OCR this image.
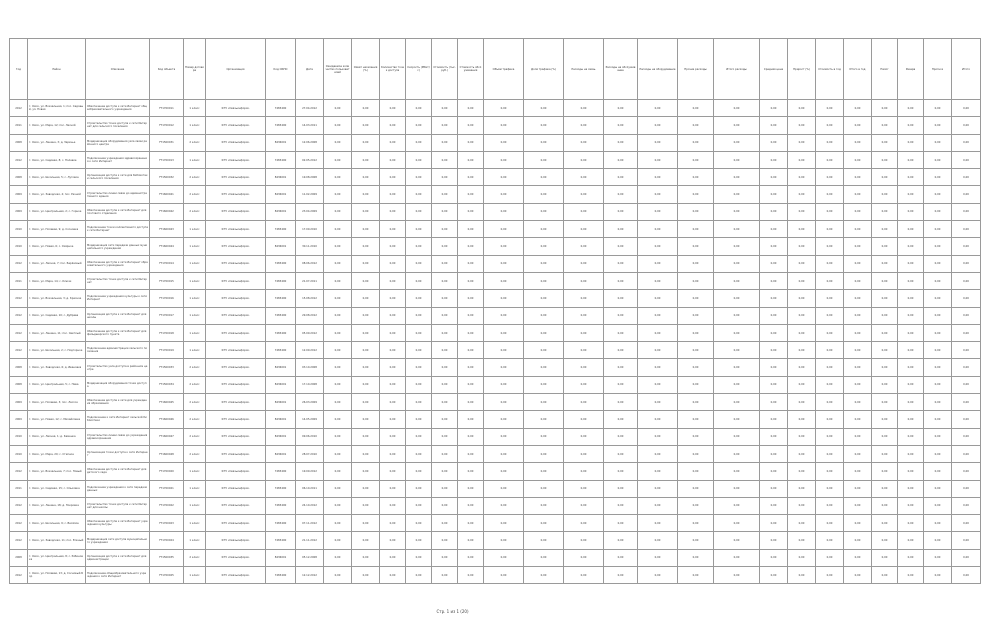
Год	Район	Описание	Код объекта	Номер договора	Организация	Код ОКПО	Дата	Ожидаемое количество пользователей	Охват населения (%)	Количество точек доступа	Скорость (Мбит/с)	Стоимость (тыс. руб.)	Стоимость обслуживания	Объём трафика	Доля трафика (%)	Расходы на связь	Расходы на обслуживание	Расходы на оборудование	Прочие расходы	Итого расходы	Средняя цена	Прирост (%)	Стоимость в год	Итого в год	Налог	Резерв	Прогноз	Итого
2012	г. Омск, ул. Вокзальная, 1; пос. Садовый, ул. Новая	Обеспечение доступа к сети Интернет общеобразовательного учреждения	FT1700011	1 класс	ФГУ «Связьинформ»	7483400	27.04.2012	0,00	0,00	0,00	0,00	0,00	0,00	0,00	0,00	0,00	0,00	0,00	0,00	0,00	0,00	0,00	0,00	0,00	0,00	0,00	0,00	0,00
2011	г. Омск, ул. Мира, 12; пос. Лесной	Строительство точки доступа к сети Интернет для сельского поселения	FT1700012	1 класс	ФГУ «Связьинформ»	7483400	14.03.2011	0,00	0,00	0,00	0,00	0,00	0,00	0,00	0,00	0,00	0,00	0,00	0,00	0,00	0,00	0,00	0,00	0,00	0,00	0,00	0,00	0,00
2008	г. Омск, ул. Ленина, 3; д. Заречье	Модернизация оборудования узла связи районного центра	FT1500031	2 класс	ФГУ «Связьинформ»	8436001	12.06.2008	0,00	0,00	0,00	0,00	0,00	0,00	0,00	0,00	0,00	0,00	0,00	0,00	0,00	0,00	0,00	0,00	0,00	0,00	0,00	0,00	0,00
2012	г. Омск, ул. Садовая, 8; с. Полевое	Подключение учреждения здравоохранения к сети Интернет	FT1700013	1 класс	ФГУ «Связьинформ»	7483400	02.05.2012	0,00	0,00	0,00	0,00	0,00	0,00	0,00	0,00	0,00	0,00	0,00	0,00	0,00	0,00	0,00	0,00	0,00	0,00	0,00	0,00	0,00
2008	г. Омск, ул. Школьная, 5; с. Луговое	Организация доступа к сети для библиотеки сельского поселения	FT1500032	2 класс	ФГУ «Связьинформ»	8436001	19.08.2008	0,00	0,00	0,00	0,00	0,00	0,00	0,00	0,00	0,00	0,00	0,00	0,00	0,00	0,00	0,00	0,00	0,00	0,00	0,00	0,00	0,00
2009	г. Омск, ул. Заводская, 4; пос. Речной	Строительство линии связи до административного здания	FT1600041	2 класс	ФГУ «Связьинформ»	8436001	11.02.2009	0,00	0,00	0,00	0,00	0,00	0,00	0,00	0,00	0,00	0,00	0,00	0,00	0,00	0,00	0,00	0,00	0,00	0,00	0,00	0,00	0,00
2009	г. Омск, ул. Центральная, 2; с. Горное	Обеспечение доступа к сети Интернет для почтового отделения	FT1600042	2 класс	ФГУ «Связьинформ»	8436001	23.04.2009	0,00	0,00	0,00	0,00	0,00	0,00	0,00	0,00	0,00	0,00	0,00	0,00	0,00	0,00	0,00	0,00	0,00	0,00	0,00	0,00	0,00
2010	г. Омск, ул. Полевая, 9; д. Сосновка	Подключение точки коллективного доступа к сети Интернет	FT1600043	1 класс	ФГУ «Связьинформ»	7483400	17.09.2010	0,00	0,00	0,00	0,00	0,00	0,00	0,00	0,00	0,00	0,00	0,00	0,00	0,00	0,00	0,00	0,00	0,00	0,00	0,00	0,00	0,00
2010	г. Омск, ул. Новая, 6; с. Озёрное	Модернизация сети передачи данных муниципального учреждения	FT1600044	1 класс	ФГУ «Связьинформ»	8436001	30.11.2010	0,00	0,00	0,00	0,00	0,00	0,00	0,00	0,00	0,00	0,00	0,00	0,00	0,00	0,00	0,00	0,00	0,00	0,00	0,00	0,00	0,00
2012	г. Омск, ул. Лесная, 7; пос. Берёзовый	Обеспечение доступа к сети Интернет образовательного учреждения	FT1700014	1 класс	ФГУ «Связьинформ»	7483400	08.06.2012	0,00	0,00	0,00	0,00	0,00	0,00	0,00	0,00	0,00	0,00	0,00	0,00	0,00	0,00	0,00	0,00	0,00	0,00	0,00	0,00	0,00
2011	г. Омск, ул. Мира, 14; с. Ключи	Строительство точки доступа к сети Интернет	FT1700015	1 класс	ФГУ «Связьинформ»	7483400	21.07.2011	0,00	0,00	0,00	0,00	0,00	0,00	0,00	0,00	0,00	0,00	0,00	0,00	0,00	0,00	0,00	0,00	0,00	0,00	0,00	0,00	0,00
2012	г. Омск, ул. Вокзальная, 3; д. Красное	Подключение учреждения культуры к сети Интернет	FT1700016	1 класс	ФГУ «Связьинформ»	7483400	15.08.2012	0,00	0,00	0,00	0,00	0,00	0,00	0,00	0,00	0,00	0,00	0,00	0,00	0,00	0,00	0,00	0,00	0,00	0,00	0,00	0,00	0,00
2012	г. Омск, ул. Садовая, 10; с. Дубрава	Организация доступа к сети Интернет для школы	FT1700017	1 класс	ФГУ «Связьинформ»	7483400	29.08.2012	0,00	0,00	0,00	0,00	0,00	0,00	0,00	0,00	0,00	0,00	0,00	0,00	0,00	0,00	0,00	0,00	0,00	0,00	0,00	0,00	0,00
2012	г. Омск, ул. Ленина, 11; пос. Светлый	Обеспечение доступа к сети Интернет для фельдшерского пункта	FT1700018	1 класс	ФГУ «Связьинформ»	7483400	05.09.2012	0,00	0,00	0,00	0,00	0,00	0,00	0,00	0,00	0,00	0,00	0,00	0,00	0,00	0,00	0,00	0,00	0,00	0,00	0,00	0,00	0,00
2012	г. Омск, ул. Школьная, 2; с. Подгорное	Подключение администрации сельского поселения	FT1700019	1 класс	ФГУ «Связьинформ»	7483400	12.09.2012	0,00	0,00	0,00	0,00	0,00	0,00	0,00	0,00	0,00	0,00	0,00	0,00	0,00	0,00	0,00	0,00	0,00	0,00	0,00	0,00	0,00
2008	г. Омск, ул. Заводская, 6; д. Ивановка	Строительство узла доступа в районном центре	FT1500033	2 класс	ФГУ «Связьинформ»	8436001	03.10.2008	0,00	0,00	0,00	0,00	0,00	0,00	0,00	0,00	0,00	0,00	0,00	0,00	0,00	0,00	0,00	0,00	0,00	0,00	0,00	0,00	0,00
2008	г. Омск, ул. Центральная, 5; с. Нива	Модернизация оборудования точки доступа	FT1500034	2 класс	ФГУ «Связьинформ»	8436001	17.10.2008	0,00	0,00	0,00	0,00	0,00	0,00	0,00	0,00	0,00	0,00	0,00	0,00	0,00	0,00	0,00	0,00	0,00	0,00	0,00	0,00	0,00
2009	г. Омск, ул. Полевая, 3; пос. Лесхоз	Обеспечение доступа к сети для учреждения образования	FT1600045	2 класс	ФГУ «Связьинформ»	8436001	26.03.2009	0,00	0,00	0,00	0,00	0,00	0,00	0,00	0,00	0,00	0,00	0,00	0,00	0,00	0,00	0,00	0,00	0,00	0,00	0,00	0,00	0,00
2009	г. Омск, ул. Новая, 12; с. Михайловка	Подключение к сети Интернет сельской библиотеки	FT1600046	2 класс	ФГУ «Связьинформ»	8436001	14.05.2009	0,00	0,00	0,00	0,00	0,00	0,00	0,00	0,00	0,00	0,00	0,00	0,00	0,00	0,00	0,00	0,00	0,00	0,00	0,00	0,00	0,00
2010	г. Омск, ул. Лесная, 1; д. Каменка	Строительство линии связи до учреждения здравоохранения	FT1600047	2 класс	ФГУ «Связьинформ»	8436001	09.06.2010	0,00	0,00	0,00	0,00	0,00	0,00	0,00	0,00	0,00	0,00	0,00	0,00	0,00	0,00	0,00	0,00	0,00	0,00	0,00	0,00	0,00
2010	г. Омск, ул. Мира, 20; с. Степное	Организация точки доступа к сети Интернет	FT1600048	2 класс	ФГУ «Связьинформ»	8436001	28.07.2010	0,00	0,00	0,00	0,00	0,00	0,00	0,00	0,00	0,00	0,00	0,00	0,00	0,00	0,00	0,00	0,00	0,00	0,00	0,00	0,00	0,00
2012	г. Омск, ул. Вокзальная, 7; пос. Новый	Обеспечение доступа к сети Интернет для детского сада	FT1700020	1 класс	ФГУ «Связьинформ»	7483400	19.09.2012	0,00	0,00	0,00	0,00	0,00	0,00	0,00	0,00	0,00	0,00	0,00	0,00	0,00	0,00	0,00	0,00	0,00	0,00	0,00	0,00	0,00
2011	г. Омск, ул. Садовая, 15; с. Ольховка	Подключение учреждения к сети передачи данных	FT1700021	1 класс	ФГУ «Связьинформ»	7483400	06.10.2011	0,00	0,00	0,00	0,00	0,00	0,00	0,00	0,00	0,00	0,00	0,00	0,00	0,00	0,00	0,00	0,00	0,00	0,00	0,00	0,00	0,00
2012	г. Омск, ул. Ленина, 18; д. Покровка	Строительство точки доступа к сети Интернет для школы	FT1700022	1 класс	ФГУ «Связьинформ»	7483400	24.10.2012	0,00	0,00	0,00	0,00	0,00	0,00	0,00	0,00	0,00	0,00	0,00	0,00	0,00	0,00	0,00	0,00	0,00	0,00	0,00	0,00	0,00
2012	г. Омск, ул. Школьная, 9; с. Весёлое	Обеспечение доступа к сети Интернет учреждения культуры	FT1700023	1 класс	ФГУ «Связьинформ»	7483400	07.11.2012	0,00	0,00	0,00	0,00	0,00	0,00	0,00	0,00	0,00	0,00	0,00	0,00	0,00	0,00	0,00	0,00	0,00	0,00	0,00	0,00	0,00
2012	г. Омск, ул. Заводская, 11; пос. Южный	Модернизация сети доступа муниципального учреждения	FT1700024	1 класс	ФГУ «Связьинформ»	7483400	21.11.2012	0,00	0,00	0,00	0,00	0,00	0,00	0,00	0,00	0,00	0,00	0,00	0,00	0,00	0,00	0,00	0,00	0,00	0,00	0,00	0,00	0,00
2008	г. Омск, ул. Центральная, 8; с. Рябиновка	Организация доступа к сети Интернет для администрации	FT1500035	2 класс	ФГУ «Связьинформ»	8436001	05.12.2008	0,00	0,00	0,00	0,00	0,00	0,00	0,00	0,00	0,00	0,00	0,00	0,00	0,00	0,00	0,00	0,00	0,00	0,00	0,00	0,00	0,00
2012	г. Омск, ул. Полевая, 13; д. Сосновый Бор	Подключение общеобразовательного учреждения к сети Интернет	FT1700025	1 класс	ФГУ «Связьинформ»	7483400	12.12.2012	0,00	0,00	0,00	0,00	0,00	0,00	0,00	0,00	0,00	0,00	0,00	0,00	0,00	0,00	0,00	0,00	0,00	0,00	0,00	0,00	0,00
Стр. 1 из 1 (20)
